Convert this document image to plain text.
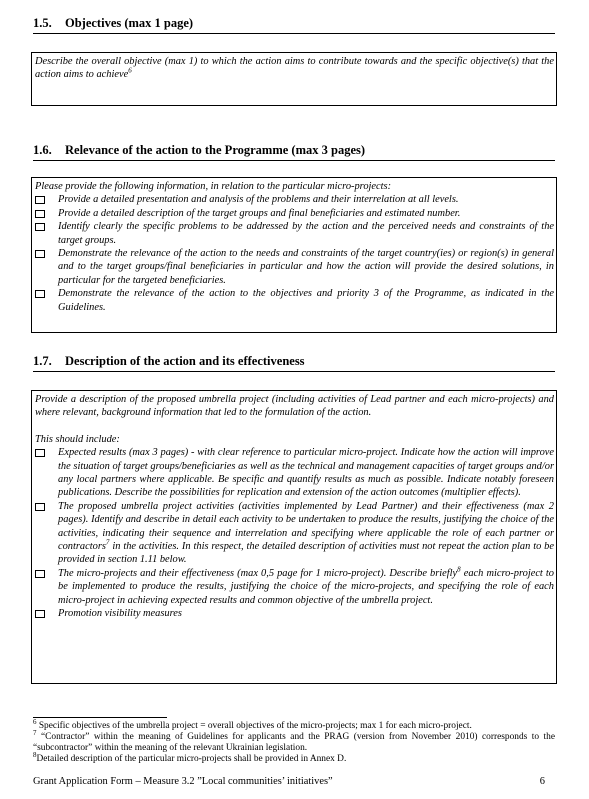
1.5. Objectives (max 1 page)

Describe the overall objective (max 1) to which the action aims to contribute towards and the specific objective(s) that the action aims to achieve$^6$

1.6. Relevance of the action to the Programme (max 3 pages)

Please provide the following information, in relation to the particular micro-projects:

Provide a detailed presentation and analysis of the problems and their interrelation at all levels.
Provide a detailed description of the target groups and final beneficiaries and estimated number.
Identify clearly the specific problems to be addressed by the action and the perceived needs and constraints of the target groups.
Demonstrate the relevance of the action to the needs and constraints of the target country(ies) or region(s) in general and to the target groups/final beneficiaries in particular and how the action will provide the desired solutions, in particular for the targeted beneficiaries.
Demonstrate the relevance of the action to the objectives and priority 3 of the Programme, as indicated in the Guidelines.
1.7. Description of the action and its effectiveness

Provide a description of the proposed umbrella project (including activities of Lead partner and each micro-projects) and where relevant, background information that led to the formulation of the action.

This should include:

Expected results (max 3 pages) - with clear reference to particular micro-project. Indicate how the action will improve the situation of target groups/beneficiaries as well as the technical and management capacities of target groups and/or any local partners where applicable. Be specific and quantify results as much as possible. Indicate notably foreseen publications. Describe the possibilities for replication and extension of the action outcomes (multiplier effects).
The proposed umbrella project activities (activities implemented by Lead Partner) and their effectiveness (max 2 pages). Identify and describe in detail each activity to be undertaken to produce the results, justifying the choice of the activities, indicating their sequence and interrelation and specifying where applicable the role of each partner or contractors$^7$ in the activities. In this respect, the detailed description of activities must not repeat the action plan to be provided in section 1.11 below.
The micro-projects and their effectiveness (max 0,5 page for 1 micro-project). Describe briefly$^8$ each micro-project to be implemented to produce the results, justifying the choice of the micro-projects, and specifying the role of each micro-project in achieving expected results and common objective of the umbrella project.
Promotion visibility measures

$^6$ Specific objectives of the umbrella project = overall objectives of the micro-projects; max 1 for each micro-project.

$^7$ “Contractor” within the meaning of Guidelines for applicants and the PRAG (version from November 2010) corresponds to the “subcontractor” within the meaning of the relevant Ukrainian legislation.

$^8$Detailed description of the particular micro-projects shall be provided in Annex D.

Grant Application Form – Measure 3.2 ”Local communities’ initiatives”	6
